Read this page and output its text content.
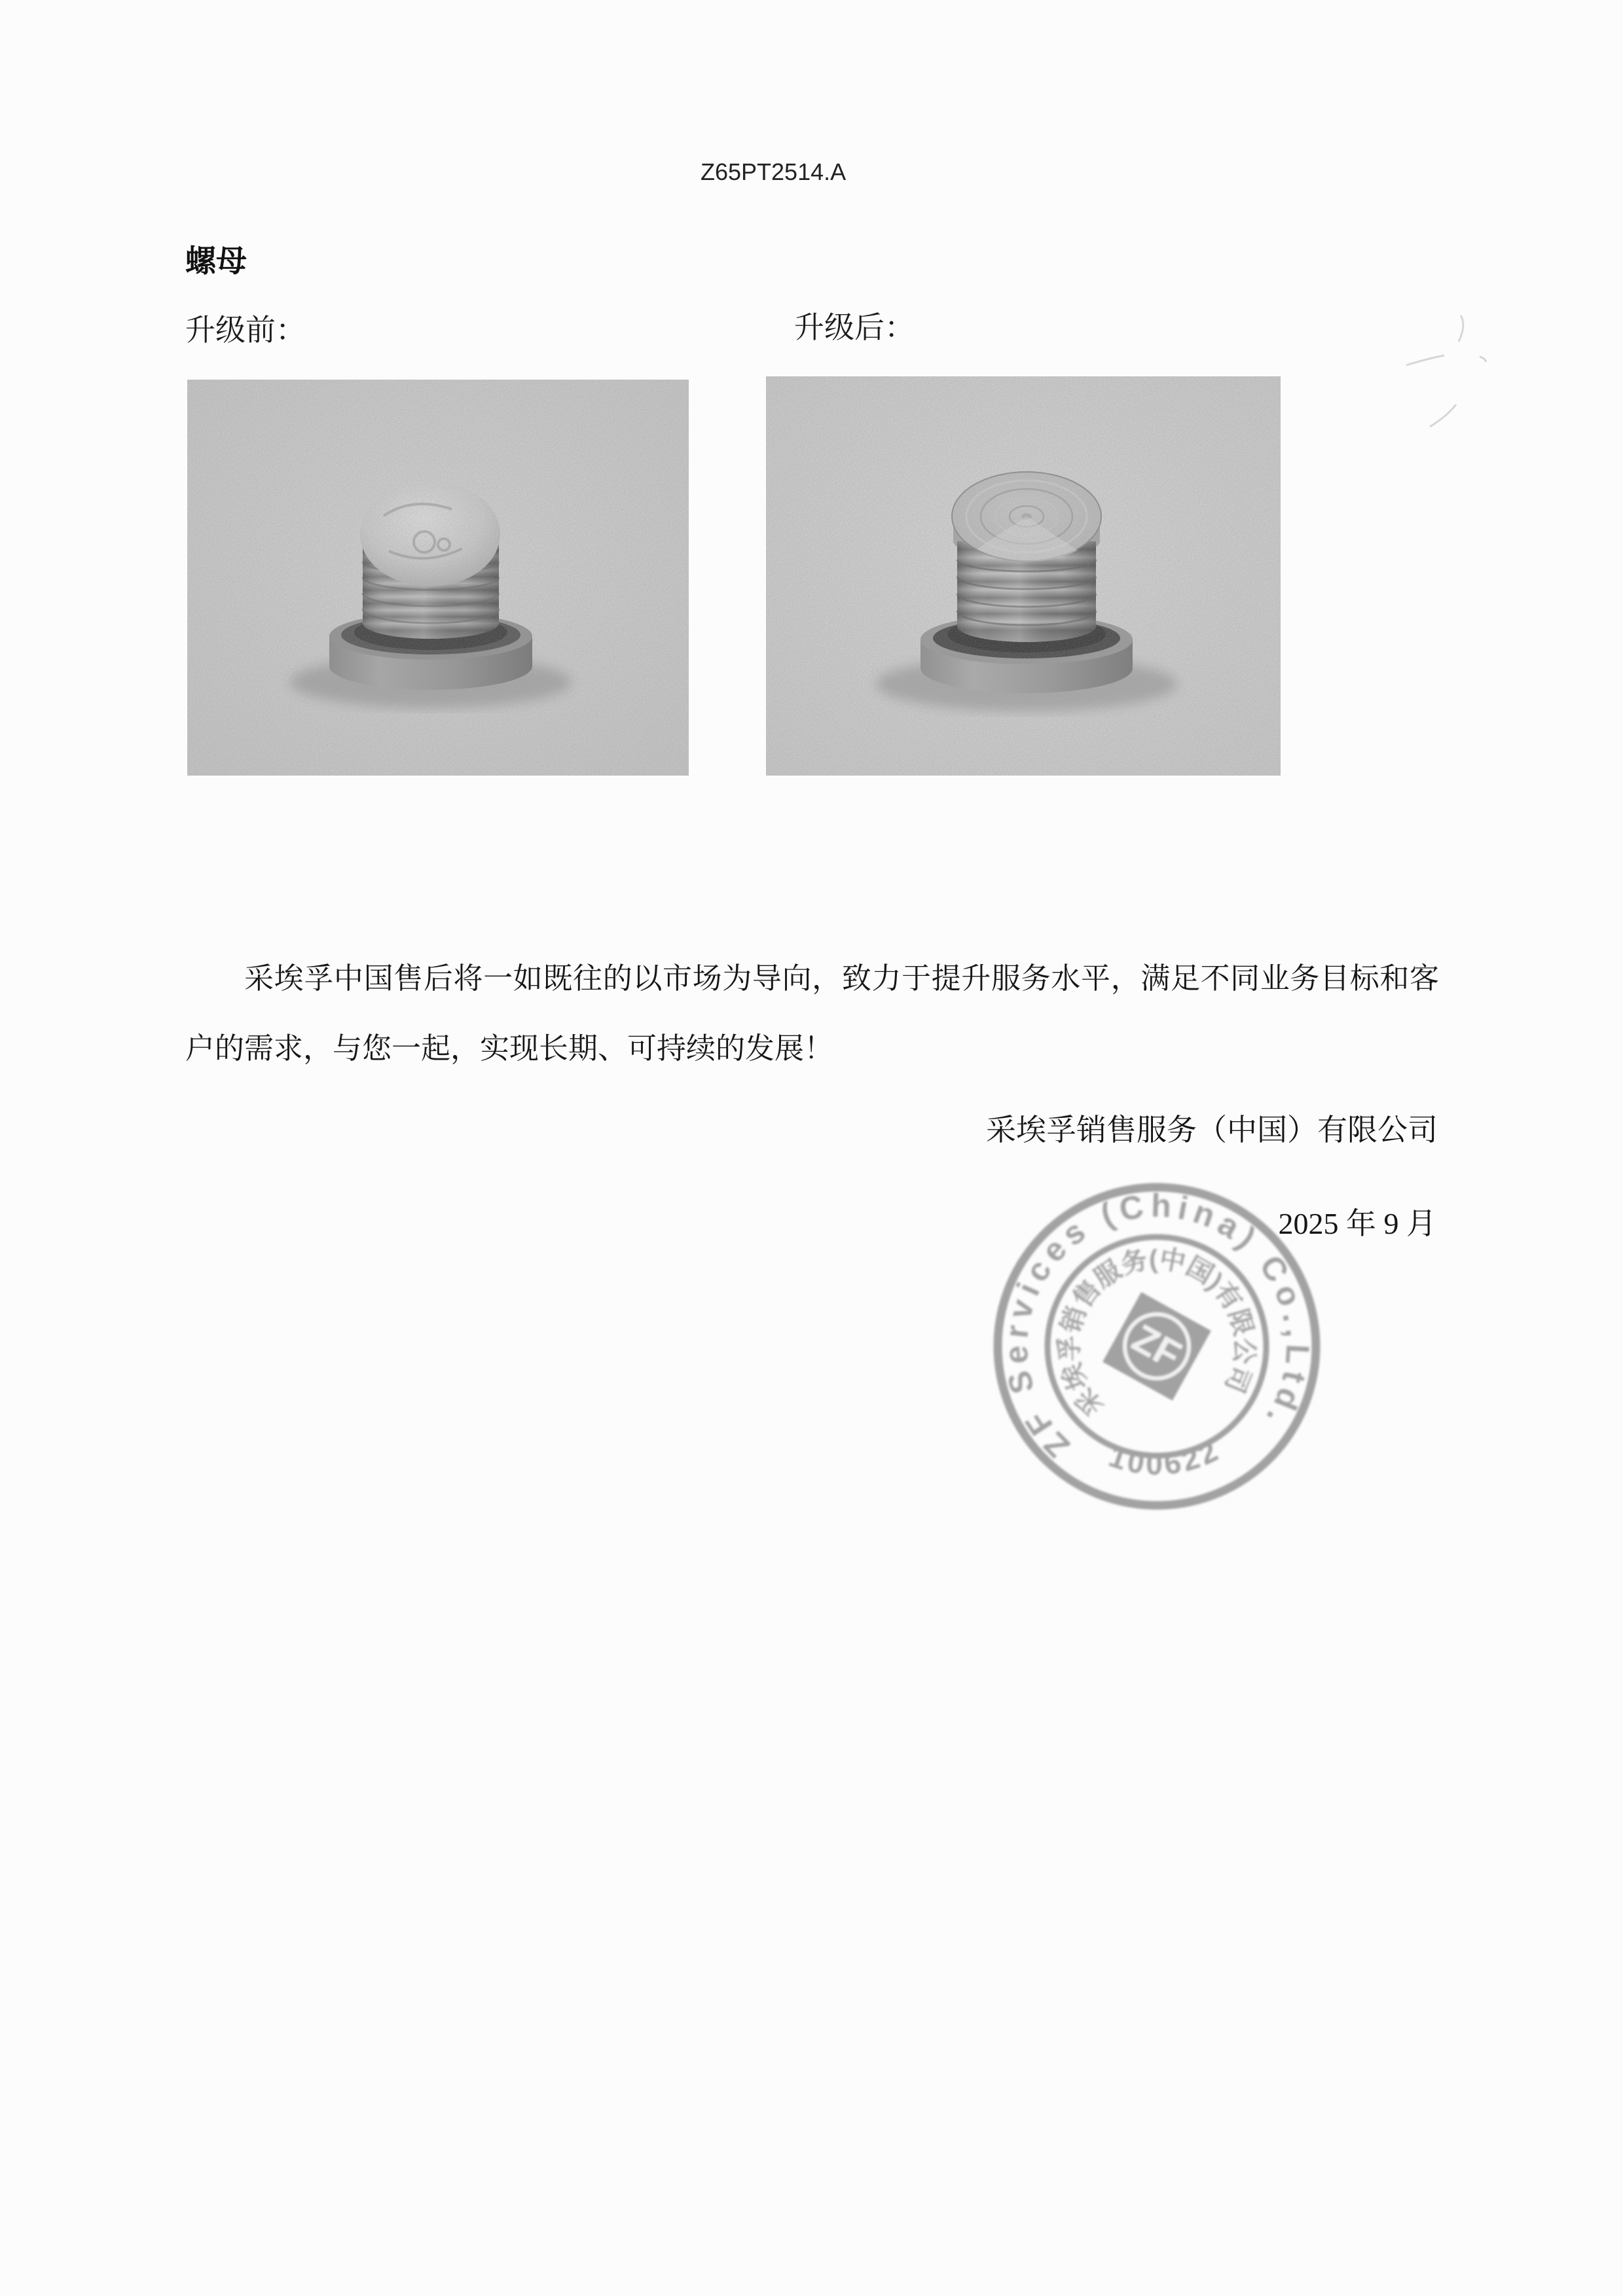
Z65PT2514.A
螺母
升级前：	升级后：

采埃孚中国售后将一如既往的以市场为导向，致力于提升服务水平，满足不同业务目标和客户的需求，与您一起，实现长期、可持续的发展！

采埃孚销售服务（中国）有限公司
2025 年 9 月
ZF Services (China) Co.,Ltd.
100622
采埃孚销售服务(中国)有限公司
ZF
